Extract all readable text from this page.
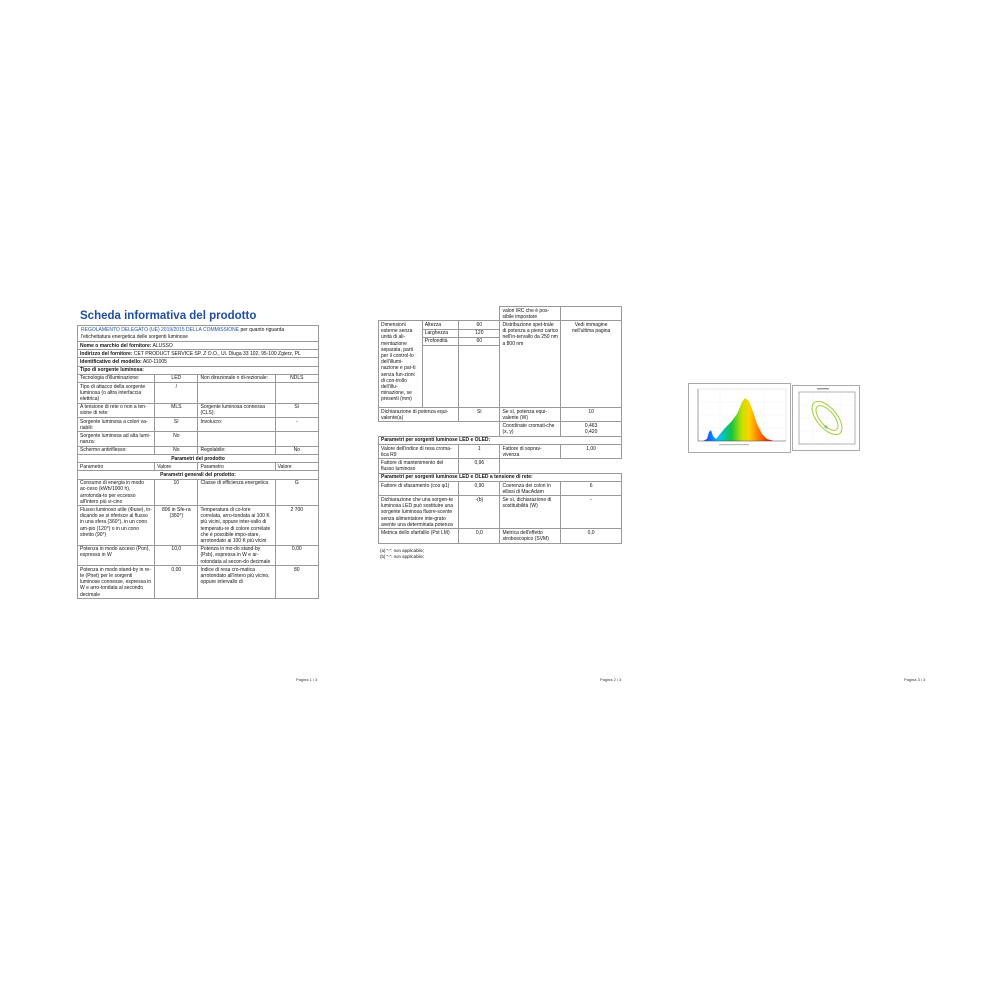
Scheda informativa del prodotto
REGOLAMENTO DELEGATO (UE) 2019/2015 DELLA COMMISSIONE per quanto riguarda l'etichettatura energetica delle sorgenti luminose			
Nome o marchio del fornitore: ALUSSO			
Indirizzo del fornitore: CET PRODUCT SERVICE SP. Z O.O., Ul. Dluga 33 102, 95-100 Zgierz, PL			
Identificativo del modello: A60-11005			
Tipo di sorgente luminosa:			
Tecnologia d'illuminazione:	LED	Non direzionale o di-rezionale:	NDLS
Tipo di attacco della sorgente luminosa (o altra interfaccia elettrica)	/		
A tensione di rete o non a ten-sione di rete:	MLS	Sorgente luminosa connessa (CLS):	Sì
Sorgente luminosa a colori va-riabili:	Sì	Involucro:	-
Sorgente luminosa ad alta lumi-nanza:	No		
Schermo antiriflesso:	No	Regolabile:	No
Parametri del prodotto			
Parametro	Valore	Parametro	Valore
Parametri generali del prodotto:			
Consumo di energia in modo ac-ceso (kWh/1000 h), arrotonda-to per eccesso all'intero più vi-cino	10	Classe di efficienza energetica	G
Flusso luminoso utile (Φuse), in-dicando se si riferisce al flusso in una sfera (360°), in un cono am-pio (120°) o in un cono stretto (90°)	806 in Sfe-ra (360°)	Temperatura di co-lore correlata, arro-tondata ai 100 K più vicini, oppure inter-vallo di temperatu-re di colore correlate che è possibile impo-stare, arrotondato ai 100 K più vicini	2 700
Potenza in modo acceso (Pon), espressa in W	10,0	Potenza in mo-do stand-by (Psb), espressa in W e ar-rotondata al secon-do decimale	0,00
Potenza in modo stand-by in re-te (Pnet) per le sorgenti luminose connesse, espressa in W e arro-tondata al secondo decimale	0,00	Indice di resa cro-matica arrotondato all'intero più vicino, oppure intervallo di	80
Pagina 1 / 3
			valori IRC che è pos-sibile impostare	
Dimensioni esterne senza unità di ali-mentazione separata, parti per il control-lo dell'illumi-nazione e par-ti senza fun-zioni di con-trollo dell'illu-minazione, se presenti (mm)	Altezza	60	Distribuzione spet-trale di potenza a pieno carico nell'in-tervallo da 250 nm a 800 nm	Vedi immagine nell'ultima pagina
	Larghezza	120		
	Profondità	60		

Dichiarazione di potenza equi-valente(a)		Sì	Se sì, potenza equi-valente (W)	10
			Coordinate cromati-che (x, y)	0,463
0,420
Parametri per sorgenti luminose LED e OLED:				
Valore dell'indice di resa croma-tica R9		1	Fattore di soprav-vivenza	1,00
Fattore di mantenimento del flusso luminoso		0,96		
Parametri per sorgenti luminose LED e OLED a tensione di rete:				
Fattore di sfasamento (cos φ1)		0,90	Coerenza dei colori in ellissi di MacAdam	6
Dichiarazione che una sorgen-te luminosa LED può sostituire una sorgente luminosa fluore-scente senza alimentatore inte-grato avente una determinata potenza		-(b)	Se sì, dichiarazione di sostituibilità (W)	-
Metrica dello sfarfallio (Pst LM)		0,0	Metrica dell'effetto stroboscopico (SVM)	0,0
(a) "-": non applicabile;
(b) "-": non applicabile;
Pagina 2 / 3	Pagina 3 / 3
